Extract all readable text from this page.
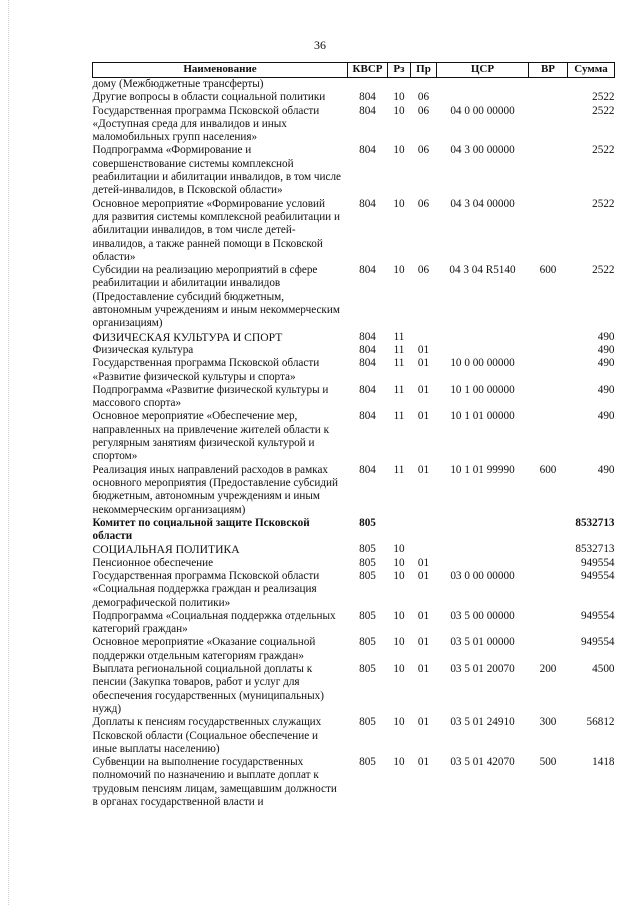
36
Наименование	КВСР	Рз	Пр	ЦСР	ВР	Сумма
дому (Межбюджетные трансферты)						
Другие вопросы в области социальной политики	804	10	06			2522
Государственная программа Псковской области «Доступная среда для инвалидов и иных маломобильных групп населения»	804	10	06	04 0 00 00000		2522
Подпрограмма «Формирование и совершенствование системы комплексной реабилитации и абилитации инвалидов, в том числе детей-инвалидов, в Псковской области»	804	10	06	04 3 00 00000		2522
Основное мероприятие «Формирование условий для развития системы комплексной реабилитации и абилитации инвалидов, в том числе детей-инвалидов, а также ранней помощи в Псковской области»	804	10	06	04 3 04 00000		2522
Субсидии на реализацию мероприятий в сфере реабилитации и абилитации инвалидов (Предоставление субсидий бюджетным, автономным учреждениям и иным некоммерческим организациям)	804	10	06	04 3 04 R5140	600	2522
ФИЗИЧЕСКАЯ КУЛЬТУРА И СПОРТ	804	11				490
Физическая культура	804	11	01			490
Государственная программа Псковской области «Развитие физической культуры и спорта»	804	11	01	10 0 00 00000		490
Подпрограмма «Развитие физической культуры и массового спорта»	804	11	01	10 1 00 00000		490
Основное мероприятие «Обеспечение мер, направленных на привлечение жителей области к регулярным занятиям физической культурой и спортом»	804	11	01	10 1 01 00000		490
Реализация иных направлений расходов в рамках основного мероприятия (Предоставление субсидий бюджетным, автономным учреждениям и иным некоммерческим организациям)	804	11	01	10 1 01 99990	600	490
Комитет по социальной защите Псковской области	805					8532713
СОЦИАЛЬНАЯ ПОЛИТИКА	805	10				8532713
Пенсионное обеспечение	805	10	01			949554
Государственная программа Псковской области «Социальная поддержка граждан и реализация демографической политики»	805	10	01	03 0 00 00000		949554
Подпрограмма «Социальная поддержка отдельных категорий граждан»	805	10	01	03 5 00 00000		949554
Основное мероприятие «Оказание социальной поддержки отдельным категориям граждан»	805	10	01	03 5 01 00000		949554
Выплата региональной социальной доплаты к пенсии (Закупка товаров, работ и услуг для обеспечения государственных (муниципальных) нужд)	805	10	01	03 5 01 20070	200	4500
Доплаты к пенсиям государственных служащих Псковской области (Социальное обеспечение и иные выплаты населению)	805	10	01	03 5 01 24910	300	56812
Субвенции на выполнение государственных полномочий по назначению и выплате доплат к трудовым пенсиям лицам, замещавшим должности в органах государственной власти и	805	10	01	03 5 01 42070	500	1418
